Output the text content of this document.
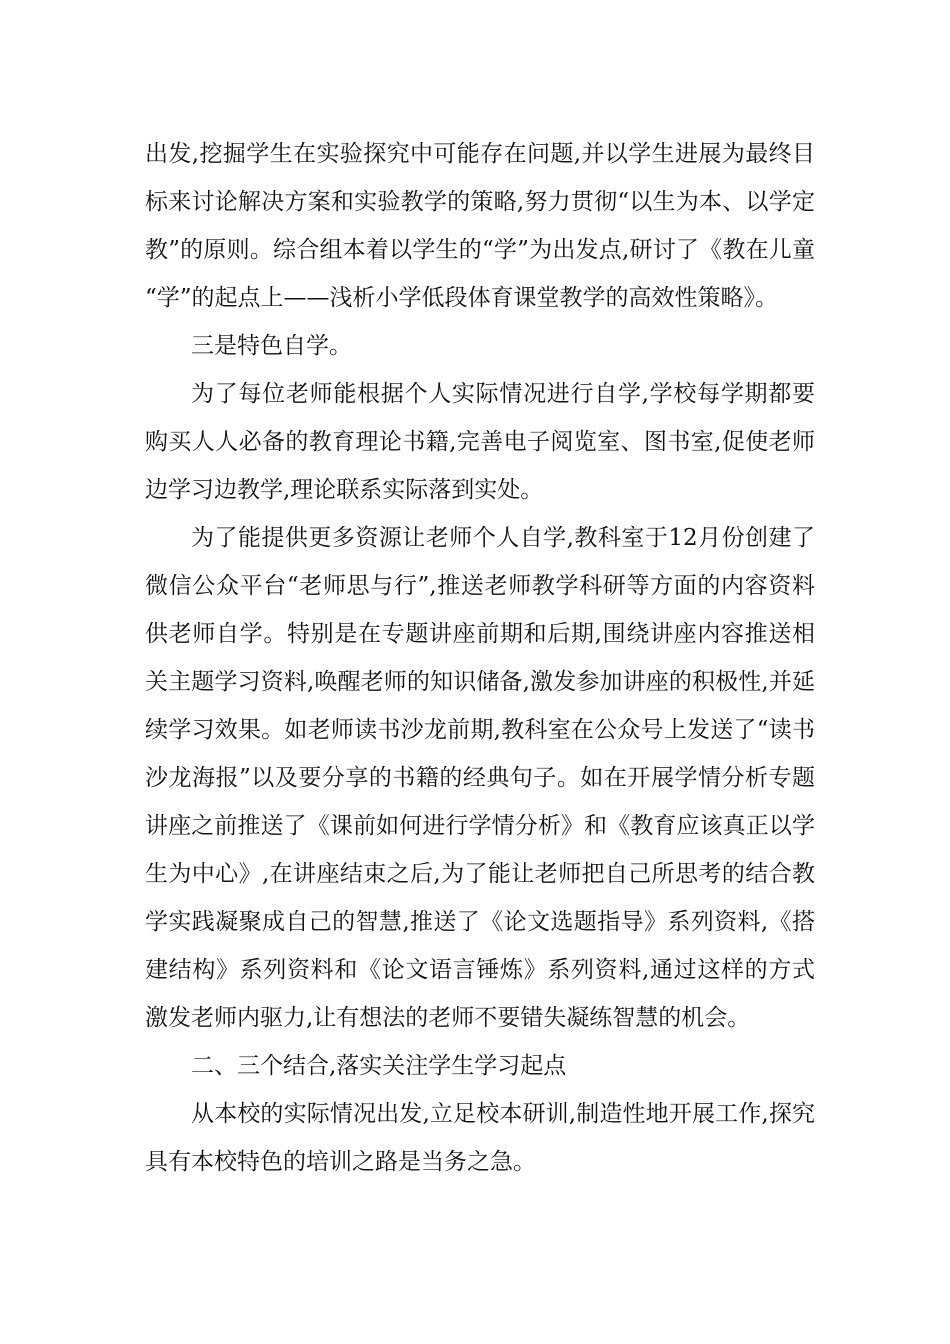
出发,挖掘学生在实验探究中可能存在问题,并以学生进展为最终目标来讨论解决方案和实验教学的策略,努力贯彻“以生为本、以学定教”的原则。综合组本着以学生的“学”为出发点,研讨了《教在儿童“学”的起点上——浅析小学低段体育课堂教学的高效性策略》。

三是特色自学。

为了每位老师能根据个人实际情况进行自学,学校每学期都要购买人人必备的教育理论书籍,完善电子阅览室、图书室,促使老师边学习边教学,理论联系实际落到实处。

为了能提供更多资源让老师个人自学,教科室于12月份创建了微信公众平台“老师思与行”,推送老师教学科研等方面的内容资料供老师自学。特别是在专题讲座前期和后期,围绕讲座内容推送相关主题学习资料,唤醒老师的知识储备,激发参加讲座的积极性,并延续学习效果。如老师读书沙龙前期,教科室在公众号上发送了“读书沙龙海报”以及要分享的书籍的经典句子。如在开展学情分析专题讲座之前推送了《课前如何进行学情分析》和《教育应该真正以学生为中心》,在讲座结束之后,为了能让老师把自己所思考的结合教学实践凝聚成自己的智慧,推送了《论文选题指导》系列资料,《搭建结构》系列资料和《论文语言锤炼》系列资料,通过这样的方式激发老师内驱力,让有想法的老师不要错失凝练智慧的机会。

二、三个结合,落实关注学生学习起点

从本校的实际情况出发,立足校本研训,制造性地开展工作,探究具有本校特色的培训之路是当务之急。
